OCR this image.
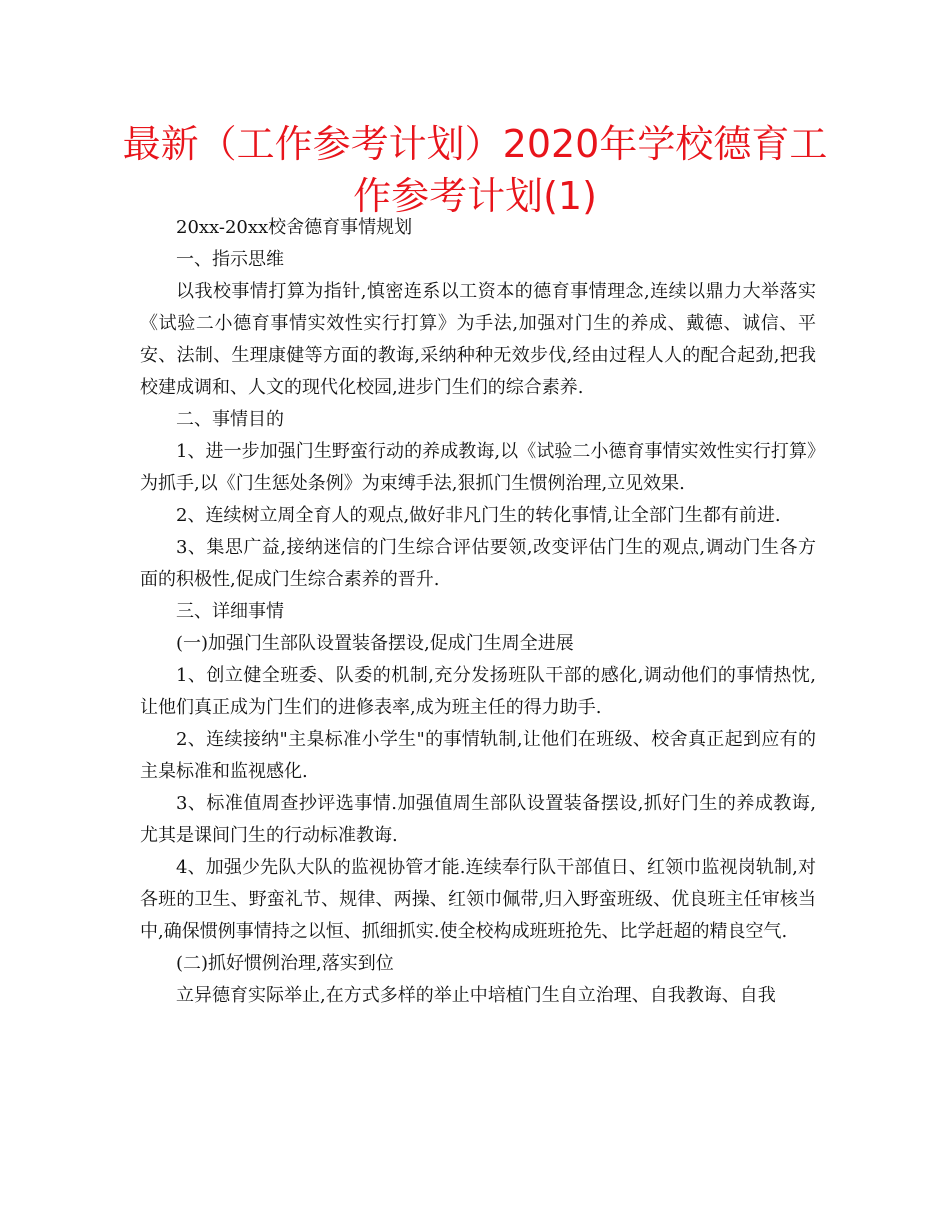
最新（工作参考计划）2020年学校德育工
作参考计划(1)

20xx-20xx校舍德育事情规划

一、指示思维

以我校事情打算为指针,慎密连系以工资本的德育事情理念,连续以鼎力大举落实《试验二小德育事情实效性实行打算》为手法,加强对门生的养成、戴德、诚信、平安、法制、生理康健等方面的教诲,采纳种种无效步伐,经由过程人人的配合起劲,把我校建成调和、人文的现代化校园,进步门生们的综合素养.

二、事情目的

1、进一步加强门生野蛮行动的养成教诲,以《试验二小德育事情实效性实行打算》为抓手,以《门生惩处条例》为束缚手法,狠抓门生惯例治理,立见效果.

2、连续树立周全育人的观点,做好非凡门生的转化事情,让全部门生都有前进.

3、集思广益,接纳迷信的门生综合评估要领,改变评估门生的观点,调动门生各方面的积极性,促成门生综合素养的晋升.

三、详细事情

(一)加强门生部队设置装备摆设,促成门生周全进展

1、创立健全班委、队委的机制,充分发扬班队干部的感化,调动他们的事情热忱,让他们真正成为门生们的进修表率,成为班主任的得力助手.

2、连续接纳"主臬标准小学生"的事情轨制,让他们在班级、校舍真正起到应有的主臬标准和监视感化.

3、标准值周查抄评选事情.加强值周生部队设置装备摆设,抓好门生的养成教诲,尤其是课间门生的行动标准教诲.

4、加强少先队大队的监视协管才能.连续奉行队干部值日、红领巾监视岗轨制,对各班的卫生、野蛮礼节、规律、两操、红领巾佩带,归入野蛮班级、优良班主任审核当中,确保惯例事情持之以恒、抓细抓实.使全校构成班班抢先、比学赶超的精良空气.

(二)抓好惯例治理,落实到位

立异德育实际举止,在方式多样的举止中培植门生自立治理、自我教诲、自我
